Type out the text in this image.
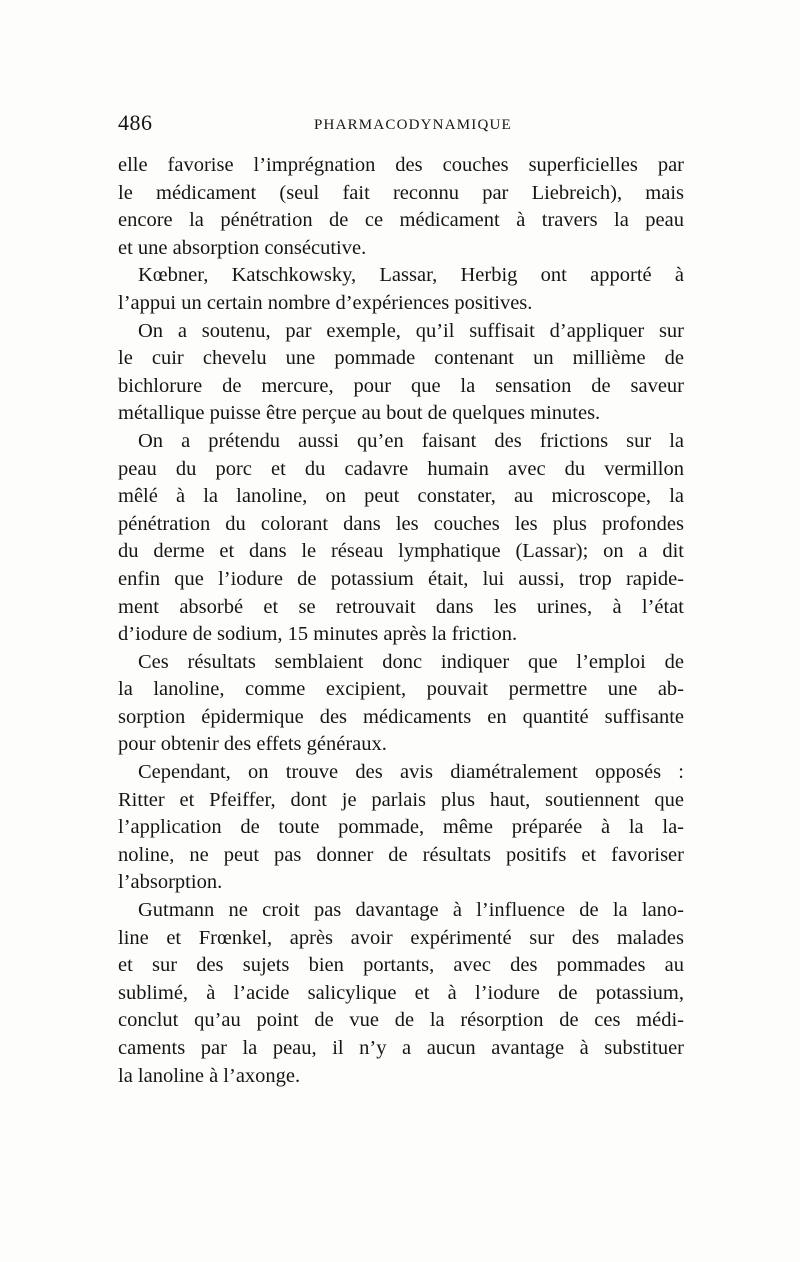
486	PHARMACODYNAMIQUE
elle favorise l’imprégnation des couches superficielles par
le médicament (seul fait reconnu par Liebreich), mais
encore la pénétration de ce médicament à travers la peau
et une absorption consécutive.
Kœbner, Katschkowsky, Lassar, Herbig ont apporté à
l’appui un certain nombre d’expériences positives.
On a soutenu, par exemple, qu’il suffisait d’appliquer sur
le cuir chevelu une pommade contenant un millième de
bichlorure de mercure, pour que la sensation de saveur
métallique puisse être perçue au bout de quelques minutes.
On a prétendu aussi qu’en faisant des frictions sur la
peau du porc et du cadavre humain avec du vermillon
mêlé à la lanoline, on peut constater, au microscope, la
pénétration du colorant dans les couches les plus profondes
du derme et dans le réseau lymphatique (Lassar); on a dit
enfin que l’iodure de potassium était, lui aussi, trop rapide-
ment absorbé et se retrouvait dans les urines, à l’état
d’iodure de sodium, 15 minutes après la friction.
Ces résultats semblaient donc indiquer que l’emploi de
la lanoline, comme excipient, pouvait permettre une ab-
sorption épidermique des médicaments en quantité suffisante
pour obtenir des effets généraux.
Cependant, on trouve des avis diamétralement opposés :
Ritter et Pfeiffer, dont je parlais plus haut, soutiennent que
l’application de toute pommade, même préparée à la la-
noline, ne peut pas donner de résultats positifs et favoriser
l’absorption.
Gutmann ne croit pas davantage à l’influence de la lano-
line et Frœnkel, après avoir expérimenté sur des malades
et sur des sujets bien portants, avec des pommades au
sublimé, à l’acide salicylique et à l’iodure de potassium,
conclut qu’au point de vue de la résorption de ces médi-
caments par la peau, il n’y a aucun avantage à substituer
la lanoline à l’axonge.
